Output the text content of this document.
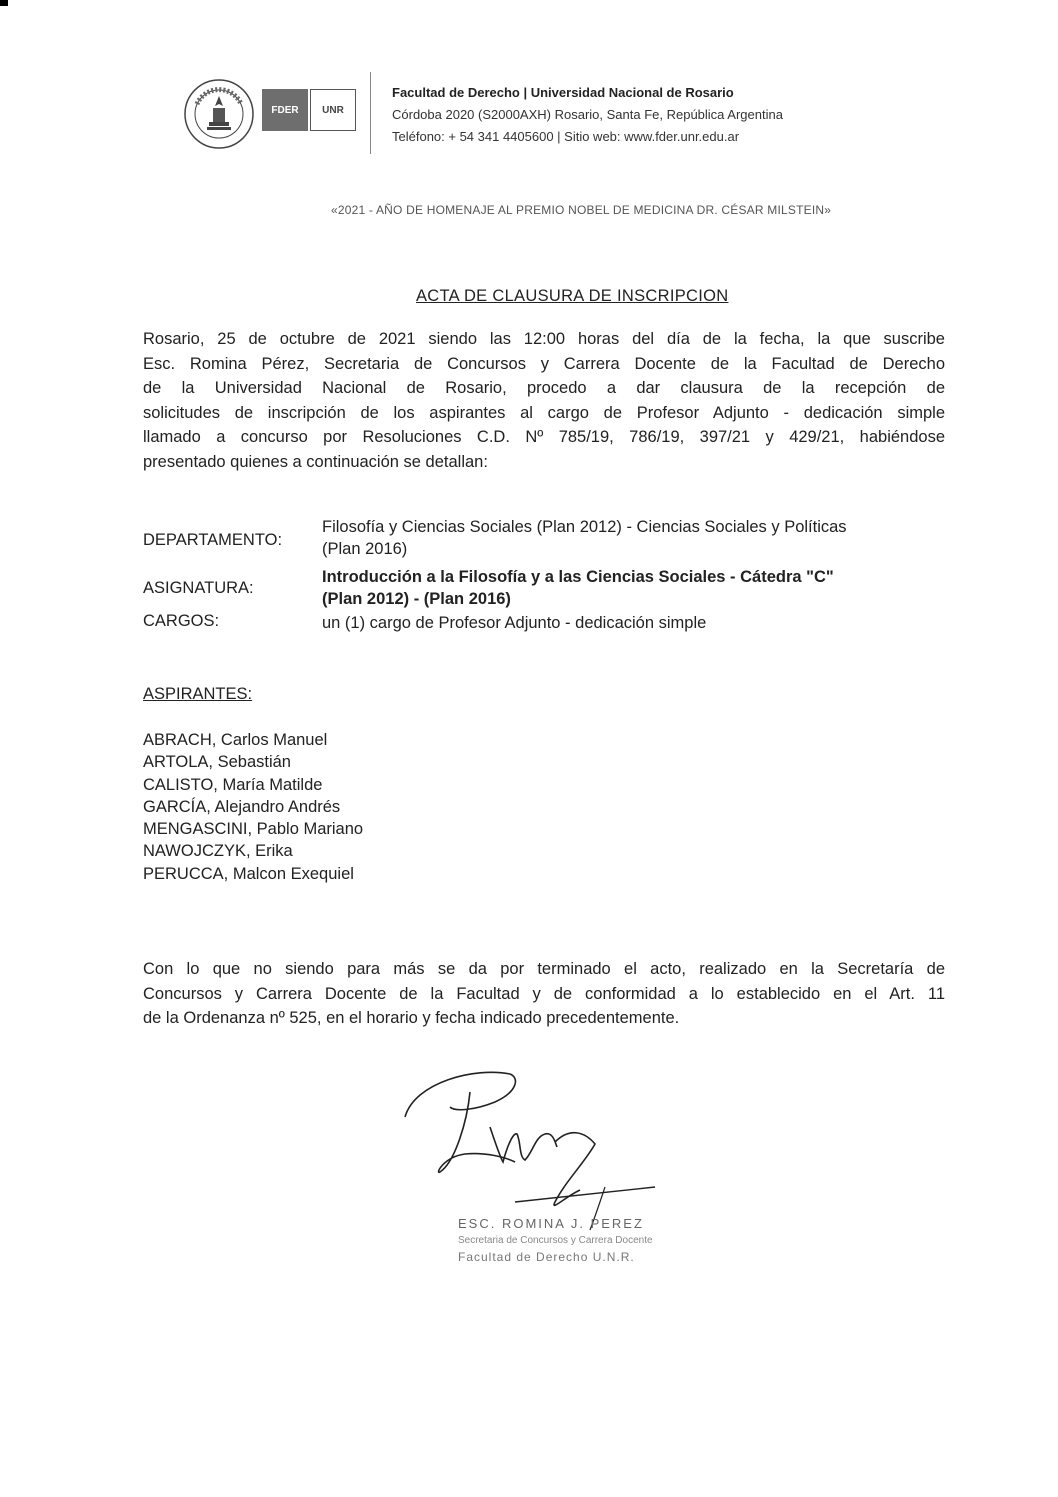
FDER	UNR
Facultad de Derecho | Universidad Nacional de Rosario
Córdoba 2020 (S2000AXH) Rosario, Santa Fe, República Argentina
Teléfono: + 54 341 4405600 | Sitio web: www.fder.unr.edu.ar
«2021 - AÑO DE HOMENAJE AL PREMIO NOBEL DE MEDICINA DR. CÉSAR MILSTEIN»
ACTA DE CLAUSURA DE INSCRIPCION
Rosario, 25 de octubre de 2021 siendo las 12:00 horas del día de la fecha, la que suscribe
Esc. Romina Pérez, Secretaria de Concursos y Carrera Docente de la Facultad de Derecho
de la Universidad Nacional de Rosario, procedo a dar clausura de la recepción de
solicitudes de inscripción de los aspirantes al cargo de Profesor Adjunto - dedicación simple
llamado a concurso por Resoluciones C.D. Nº 785/19, 786/19, 397/21 y 429/21, habiéndose
presentado quienes a continuación se detallan:
DEPARTAMENTO:
Filosofía y Ciencias Sociales (Plan 2012) - Ciencias Sociales y Políticas
(Plan 2016)
ASIGNATURA:
Introducción a la Filosofía y a las Ciencias Sociales - Cátedra "C"
(Plan 2012) - (Plan 2016)
CARGOS:	un (1) cargo de Profesor Adjunto - dedicación simple
ASPIRANTES:
ABRACH, Carlos Manuel
ARTOLA, Sebastián
CALISTO, María Matilde
GARCÍA, Alejandro Andrés
MENGASCINI, Pablo Mariano
NAWOJCZYK, Erika
PERUCCA, Malcon Exequiel
Con lo que no siendo para más se da por terminado el acto, realizado en la Secretaría de
Concursos y Carrera Docente de la Facultad y de conformidad a lo establecido en el Art. 11
de la Ordenanza nº 525, en el horario y fecha indicado precedentemente.
ESC. ROMINA J. PEREZ
Secretaria de Concursos y Carrera Docente
Facultad de Derecho U.N.R.
